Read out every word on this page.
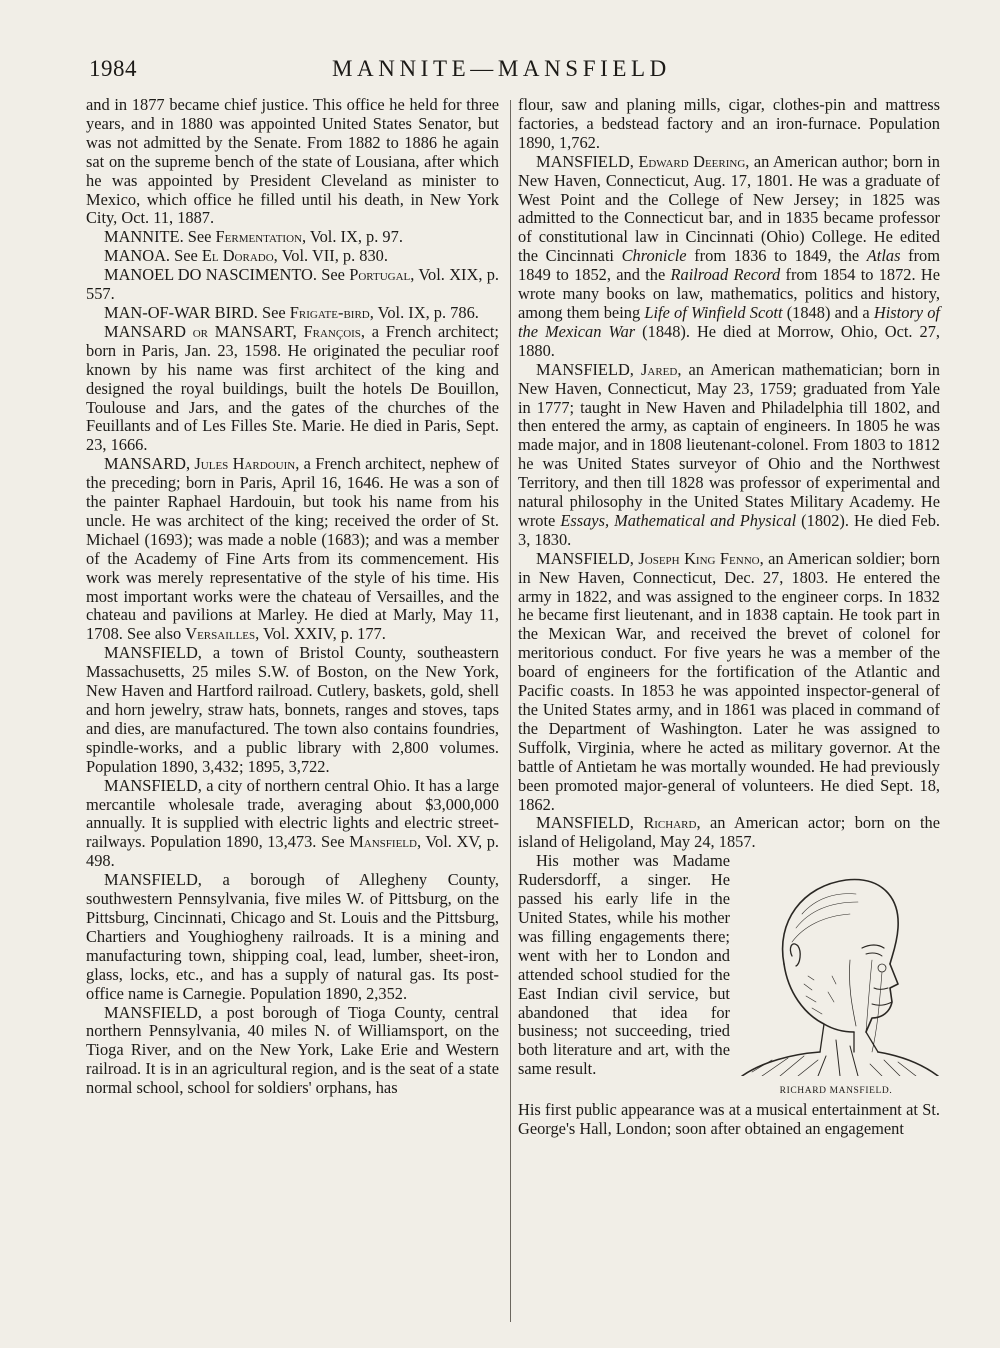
1984	MANNITE—MANSFIELD

and in 1877 became chief justice. This office he held for three years, and in 1880 was appointed United States Senator, but was not admitted by the Senate. From 1882 to 1886 he again sat on the supreme bench of the state of Lousiana, after which he was appointed by President Cleveland as minister to Mexico, which office he filled until his death, in New York City, Oct. 11, 1887.

MANNITE. See Fermentation, Vol. IX, p. 97.

MANOA. See El Dorado, Vol. VII, p. 830.

MANOEL DO NASCIMENTO. See Portugal, Vol. XIX, p. 557.

MAN-OF-WAR BIRD. See Frigate-bird, Vol. IX, p. 786.

MANSARD or MANSART, François, a French architect; born in Paris, Jan. 23, 1598. He originated the peculiar roof known by his name was first architect of the king and designed the royal buildings, built the hotels De Bouillon, Toulouse and Jars, and the gates of the churches of the Feuillants and of Les Filles Ste. Marie. He died in Paris, Sept. 23, 1666.

MANSARD, Jules Hardouin, a French architect, nephew of the preceding; born in Paris, April 16, 1646. He was a son of the painter Raphael Hardouin, but took his name from his uncle. He was architect of the king; received the order of St. Michael (1693); was made a noble (1683); and was a member of the Academy of Fine Arts from its commencement. His work was merely representative of the style of his time. His most important works were the chateau of Versailles, and the chateau and pavilions at Marley. He died at Marly, May 11, 1708. See also Versailles, Vol. XXIV, p. 177.

MANSFIELD, a town of Bristol County, southeastern Massachusetts, 25 miles S.W. of Boston, on the New York, New Haven and Hartford railroad. Cutlery, baskets, gold, shell and horn jewelry, straw hats, bonnets, ranges and stoves, taps and dies, are manufactured. The town also contains foundries, spindle-works, and a public library with 2,800 volumes. Population 1890, 3,432; 1895, 3,722.

MANSFIELD, a city of northern central Ohio. It has a large mercantile wholesale trade, averaging about $3,000,000 annually. It is supplied with electric lights and electric street-railways. Population 1890, 13,473. See Mansfield, Vol. XV, p. 498.

MANSFIELD, a borough of Allegheny County, southwestern Pennsylvania, five miles W. of Pittsburg, on the Pittsburg, Cincinnati, Chicago and St. Louis and the Pittsburg, Chartiers and Youghiogheny railroads. It is a mining and manufacturing town, shipping coal, lead, lumber, sheet-iron, glass, locks, etc., and has a supply of natural gas. Its post-office name is Carnegie. Population 1890, 2,352.

MANSFIELD, a post borough of Tioga County, central northern Pennsylvania, 40 miles N. of Williamsport, on the Tioga River, and on the New York, Lake Erie and Western railroad. It is in an agricultural region, and is the seat of a state normal school, school for soldiers' orphans, has

flour, saw and planing mills, cigar, clothes-pin and mattress factories, a bedstead factory and an iron-furnace. Population 1890, 1,762.

MANSFIELD, Edward Deering, an American author; born in New Haven, Connecticut, Aug. 17, 1801. He was a graduate of West Point and the College of New Jersey; in 1825 was admitted to the Connecticut bar, and in 1835 became professor of constitutional law in Cincinnati (Ohio) College. He edited the Cincinnati Chronicle from 1836 to 1849, the Atlas from 1849 to 1852, and the Railroad Record from 1854 to 1872. He wrote many books on law, mathematics, politics and history, among them being Life of Winfield Scott (1848) and a History of the Mexican War (1848). He died at Morrow, Ohio, Oct. 27, 1880.

MANSFIELD, Jared, an American mathematician; born in New Haven, Connecticut, May 23, 1759; graduated from Yale in 1777; taught in New Haven and Philadelphia till 1802, and then entered the army, as captain of engineers. In 1805 he was made major, and in 1808 lieutenant-colonel. From 1803 to 1812 he was United States surveyor of Ohio and the Northwest Territory, and then till 1828 was professor of experimental and natural philosophy in the United States Military Academy. He wrote Essays, Mathematical and Physical (1802). He died Feb. 3, 1830.

MANSFIELD, Joseph King Fenno, an American soldier; born in New Haven, Connecticut, Dec. 27, 1803. He entered the army in 1822, and was assigned to the engineer corps. In 1832 he became first lieutenant, and in 1838 captain. He took part in the Mexican War, and received the brevet of colonel for meritorious conduct. For five years he was a member of the board of engineers for the fortification of the Atlantic and Pacific coasts. In 1853 he was appointed inspector-general of the United States army, and in 1861 was placed in command of the Department of Washington. Later he was assigned to Suffolk, Virginia, where he acted as military governor. At the battle of Antietam he was mortally wounded. He had previously been promoted major-general of volunteers. He died Sept. 18, 1862.

MANSFIELD, Richard, an American actor; born on the island of Heligoland, May 24, 1857.

RICHARD MANSFIELD.

His mother was Madame Rudersdorff, a singer. He passed his early life in the United States, while his mother was filling engagements there; went with her to London and attended school studied for the East Indian civil service, but abandoned that idea for business; not succeeding, tried both literature and art, with the same result.

His first public appearance was at a musical entertainment at St. George's Hall, London; soon after obtained an engagement
